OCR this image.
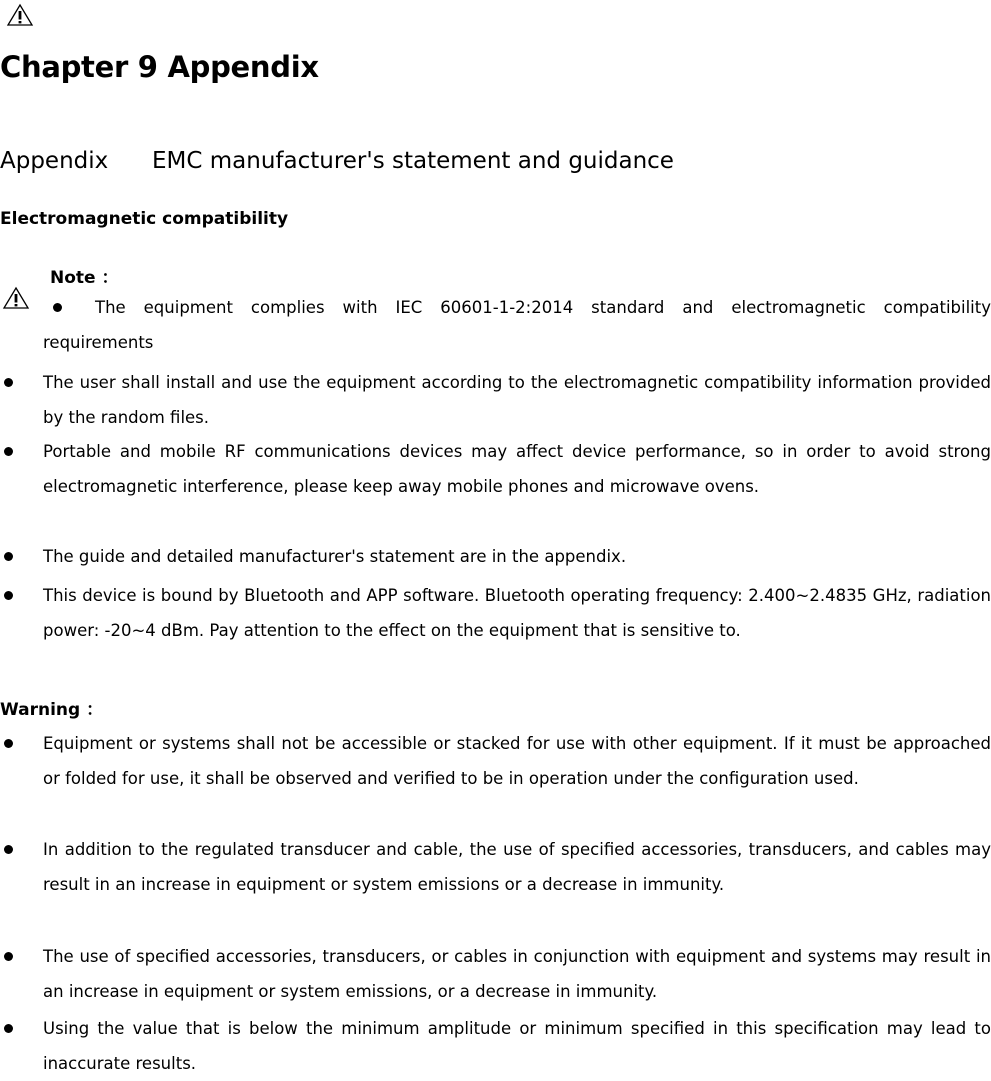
Chapter 9 Appendix
Appendix EMC manufacturer's statement and guidance
Electromagnetic compatibility
Note ：
The equipment complies with IEC 60601-1-2:2014 standard and electromagnetic compatibility requirements
The user shall install and use the equipment according to the electromagnetic compatibility information provided by the random files.
Portable and mobile RF communications devices may affect device performance, so in order to avoid strong electromagnetic interference, please keep away mobile phones and microwave ovens.
The guide and detailed manufacturer's statement are in the appendix.
This device is bound by Bluetooth and APP software. Bluetooth operating frequency: 2.400~2.4835 GHz, radiation power: -20~4 dBm. Pay attention to the effect on the equipment that is sensitive to.
Warning ：
Equipment or systems shall not be accessible or stacked for use with other equipment. If it must be approached or folded for use, it shall be observed and verified to be in operation under the configuration used.
In addition to the regulated transducer and cable, the use of specified accessories, transducers, and cables may result in an increase in equipment or system emissions or a decrease in immunity.
The use of specified accessories, transducers, or cables in conjunction with equipment and systems may result in an increase in equipment or system emissions, or a decrease in immunity.
Using the value that is below the minimum amplitude or minimum specified in this specification may lead to inaccurate results.
